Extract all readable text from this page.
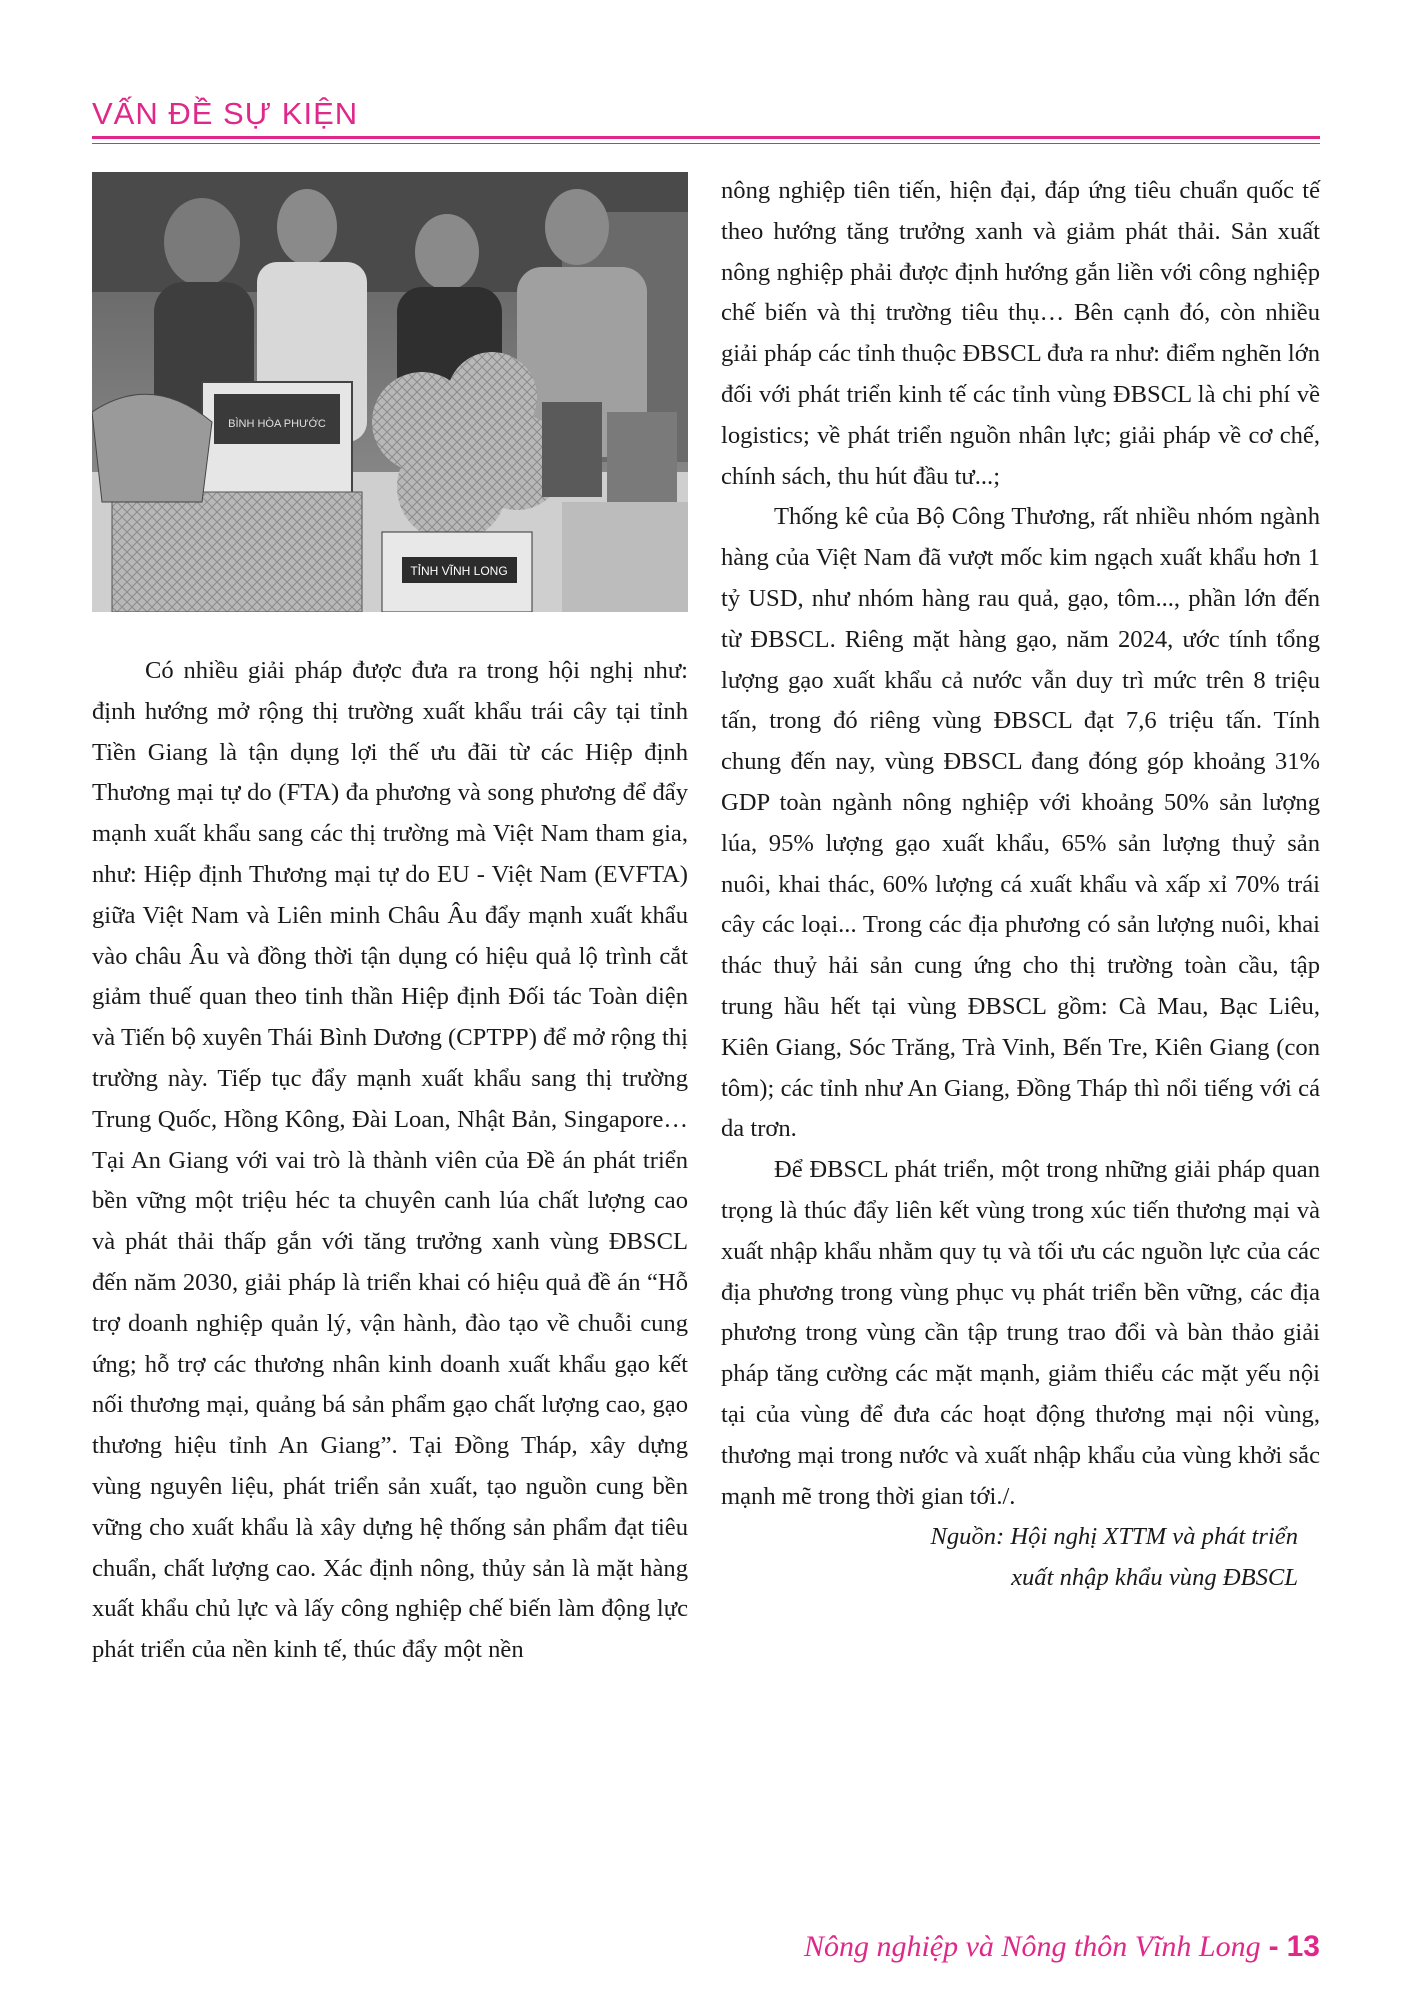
VẤN ĐỀ SỰ KIỆN
BÌNH HÒA PHƯỚC
TỈNH VĨNH LONG

Có nhiều giải pháp được đưa ra trong hội nghị như: định hướng mở rộng thị trường xuất khẩu trái cây tại tỉnh Tiền Giang là tận dụng lợi thế ưu đãi từ các Hiệp định Thương mại tự do (FTA) đa phương và song phương để đẩy mạnh xuất khẩu sang các thị trường mà Việt Nam tham gia, như: Hiệp định Thương mại tự do EU - Việt Nam (EVFTA) giữa Việt Nam và Liên minh Châu Âu đẩy mạnh xuất khẩu vào châu Âu và đồng thời tận dụng có hiệu quả lộ trình cắt giảm thuế quan theo tinh thần Hiệp định Đối tác Toàn diện và Tiến bộ xuyên Thái Bình Dương (CPTPP) để mở rộng thị trường này. Tiếp tục đẩy mạnh xuất khẩu sang thị trường Trung Quốc, Hồng Kông, Đài Loan, Nhật Bản, Singapore…Tại An Giang với vai trò là thành viên của Đề án phát triển bền vững một triệu héc ta chuyên canh lúa chất lượng cao và phát thải thấp gắn với tăng trưởng xanh vùng ĐBSCL đến năm 2030, giải pháp là triển khai có hiệu quả đề án “Hỗ trợ doanh nghiệp quản lý, vận hành, đào tạo về chuỗi cung ứng; hỗ trợ các thương nhân kinh doanh xuất khẩu gạo kết nối thương mại, quảng bá sản phẩm gạo chất lượng cao, gạo thương hiệu tỉnh An Giang”. Tại Đồng Tháp, xây dựng vùng nguyên liệu, phát triển sản xuất, tạo nguồn cung bền vững cho xuất khẩu là xây dựng hệ thống sản phẩm đạt tiêu chuẩn, chất lượng cao. Xác định nông, thủy sản là mặt hàng xuất khẩu chủ lực và lấy công nghiệp chế biến làm động lực phát triển của nền kinh tế, thúc đẩy một nền

nông nghiệp tiên tiến, hiện đại, đáp ứng tiêu chuẩn quốc tế theo hướng tăng trưởng xanh và giảm phát thải. Sản xuất nông nghiệp phải được định hướng gắn liền với công nghiệp chế biến và thị trường tiêu thụ… Bên cạnh đó, còn nhiều giải pháp các tỉnh thuộc ĐBSCL đưa ra như: điểm nghẽn lớn đối với phát triển kinh tế các tỉnh vùng ĐBSCL là chi phí về logistics; về phát triển nguồn nhân lực; giải pháp về cơ chế, chính sách, thu hút đầu tư...;

Thống kê của Bộ Công Thương, rất nhiều nhóm ngành hàng của Việt Nam đã vượt mốc kim ngạch xuất khẩu hơn 1 tỷ USD, như nhóm hàng rau quả, gạo, tôm..., phần lớn đến từ ĐBSCL. Riêng mặt hàng gạo, năm 2024, ước tính tổng lượng gạo xuất khẩu cả nước vẫn duy trì mức trên 8 triệu tấn, trong đó riêng vùng ĐBSCL đạt 7,6 triệu tấn. Tính chung đến nay, vùng ĐBSCL đang đóng góp khoảng 31% GDP toàn ngành nông nghiệp với khoảng 50% sản lượng lúa, 95% lượng gạo xuất khẩu, 65% sản lượng thuỷ sản nuôi, khai thác, 60% lượng cá xuất khẩu và xấp xỉ 70% trái cây các loại... Trong các địa phương có sản lượng nuôi, khai thác thuỷ hải sản cung ứng cho thị trường toàn cầu, tập trung hầu hết tại vùng ĐBSCL gồm: Cà Mau, Bạc Liêu, Kiên Giang, Sóc Trăng, Trà Vinh, Bến Tre, Kiên Giang (con tôm); các tỉnh như An Giang, Đồng Tháp thì nổi tiếng với cá da trơn.

Để ĐBSCL phát triển, một trong những giải pháp quan trọng là thúc đẩy liên kết vùng trong xúc tiến thương mại và xuất nhập khẩu nhằm quy tụ và tối ưu các nguồn lực của các địa phương trong vùng phục vụ phát triển bền vững, các địa phương trong vùng cần tập trung trao đổi và bàn thảo giải pháp tăng cường các mặt mạnh, giảm thiểu các mặt yếu nội tại của vùng để đưa các hoạt động thương mại nội vùng, thương mại trong nước và xuất nhập khẩu của vùng khởi sắc mạnh mẽ trong thời gian tới./.

Nguồn: Hội nghị XTTM và phát triển
xuất nhập khẩu vùng ĐBSCL

Nông nghiệp và Nông thôn Vĩnh Long - 13
